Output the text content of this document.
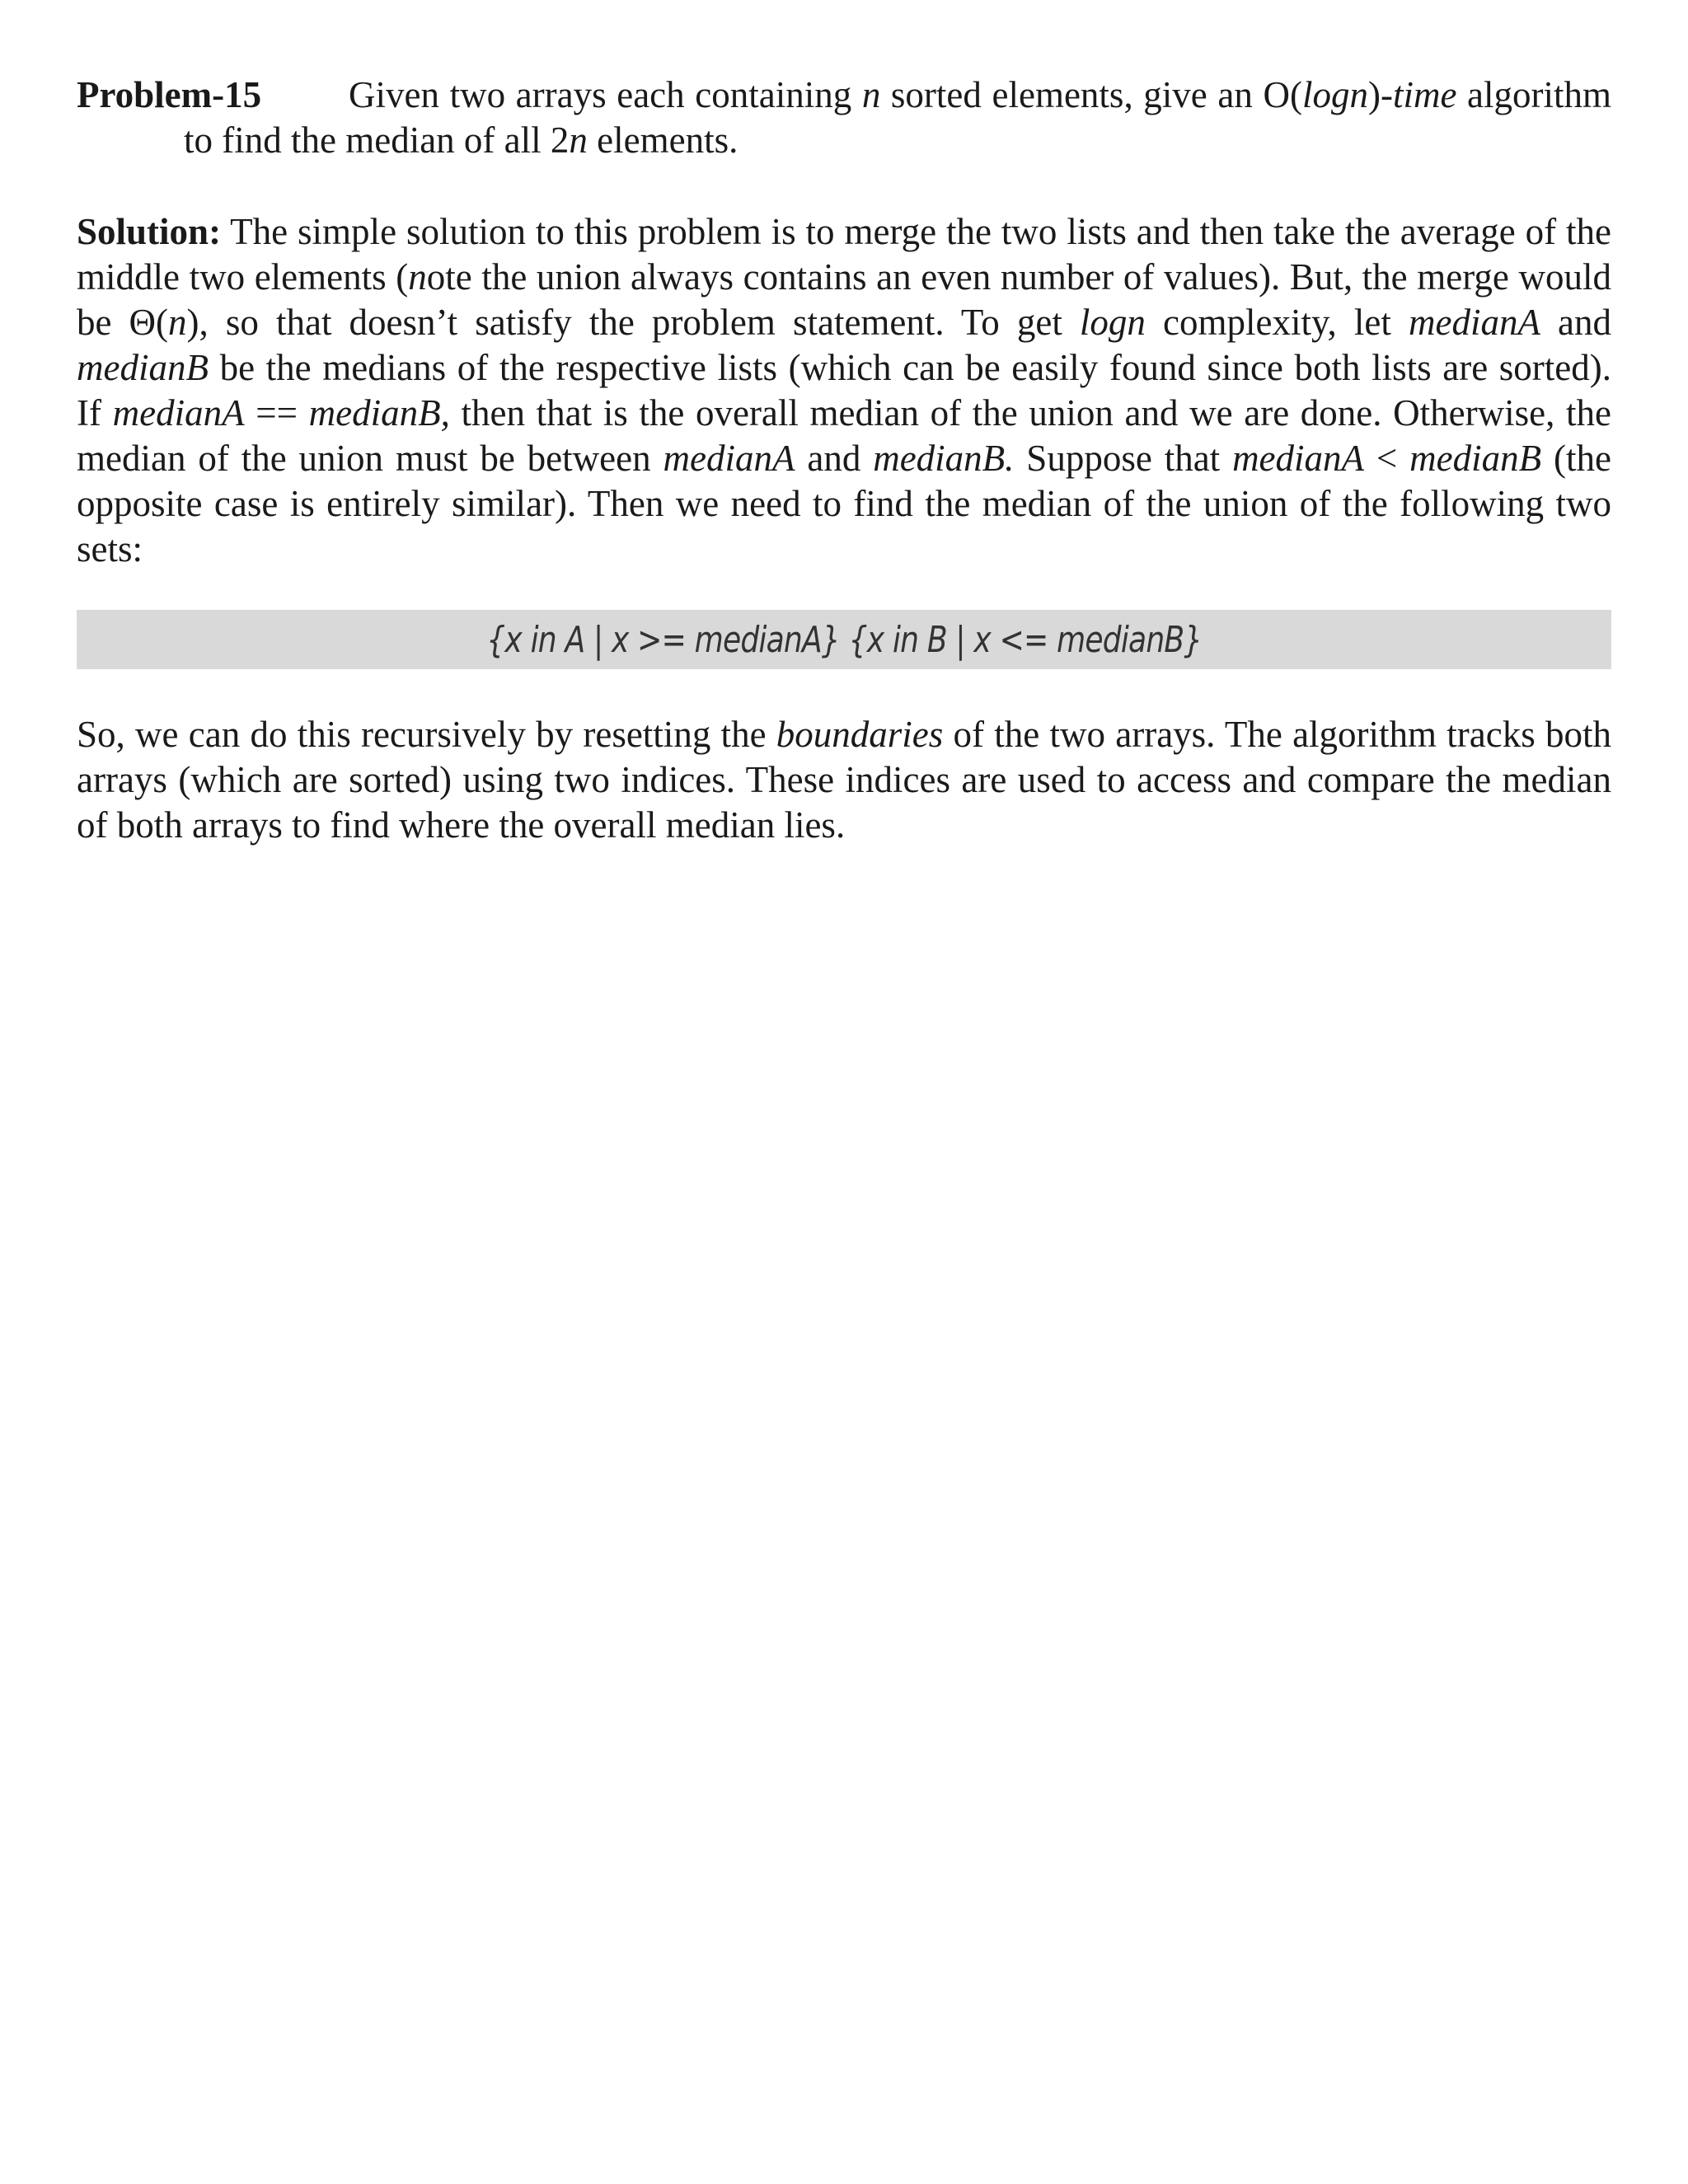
Problem-15 Given two arrays each containing n sorted elements, give an O(logn)-time algorithm to find the median of all 2n elements.

Solution: The simple solution to this problem is to merge the two lists and then take the average of the middle two elements (note the union always contains an even number of values). But, the merge would be Θ(n), so that doesn’t satisfy the problem statement. To get logn complexity, let medianA and medianB be the medians of the respective lists (which can be easily found since both lists are sorted). If medianA == medianB, then that is the overall median of the union and we are done. Otherwise, the median of the union must be between medianA and medianB. Suppose that medianA < medianB (the opposite case is entirely similar). Then we need to find the median of the union of the following two sets:

{x in A | x >= medianA} {x in B | x <= medianB}

So, we can do this recursively by resetting the boundaries of the two arrays. The algorithm tracks both arrays (which are sorted) using two indices. These indices are used to access and compare the median of both arrays to find where the overall median lies.
